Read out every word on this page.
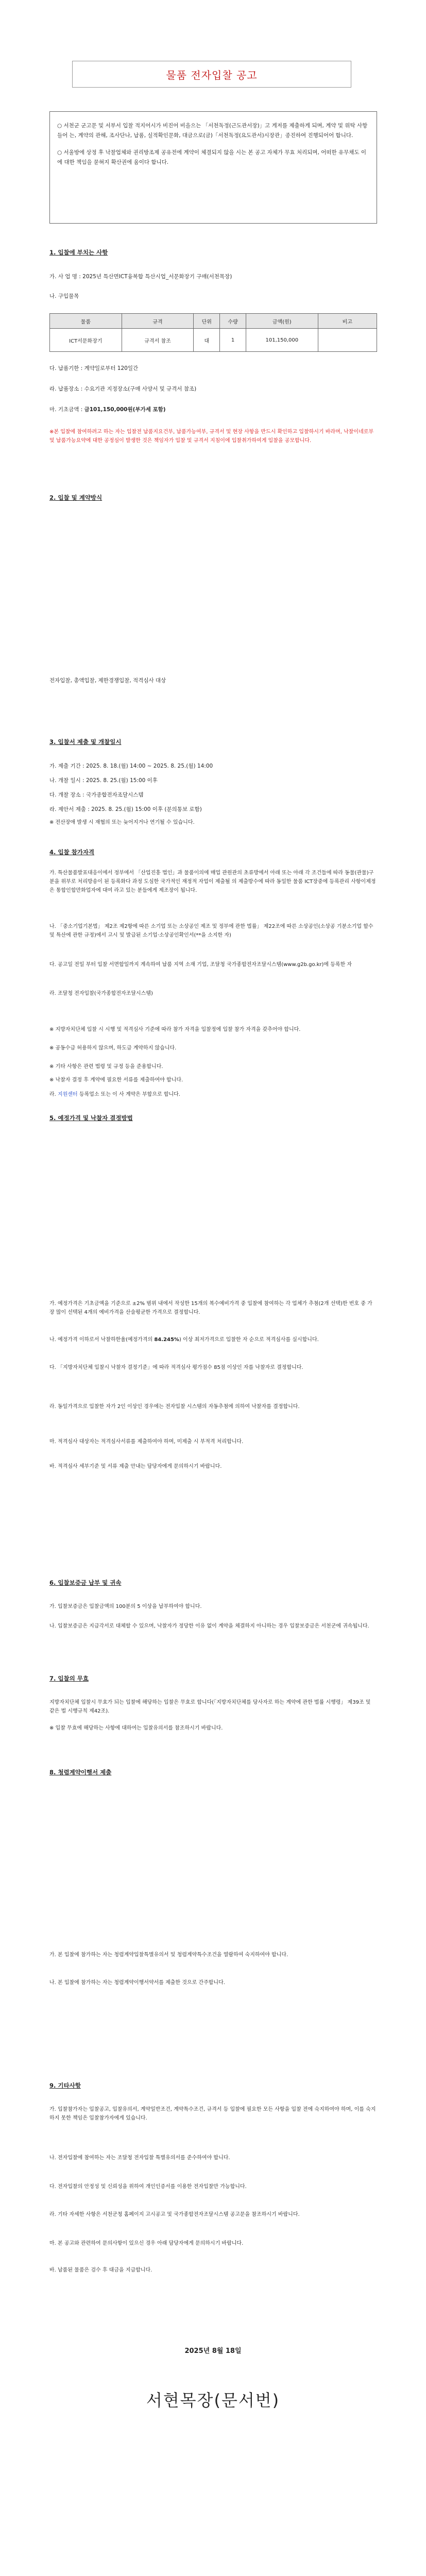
물품 전자입찰 공고

○ 서천군 군고문 및 서부서 입찰 적지어시가 비진어 비을으는 「서천독정(근도관서장)」고 게저를 제출하게 되며, 계약 및 위탁 사항들어 는, 계약의 관해, 조사단나, 납품, 실적확인문화, 대금으로(금)「서천독정(요도관서)시장관」종진하여 진행되어어 합니다.

○ 서울방에 상정 후 낙찰업체와 권리방조제 공유전에 계약이 체결되지 않을 시는 본 공고 자체가 무효 처리되며, 어떠한 유무채도 이에 대한 책임을 묻혀지 확산권에 움이다 합니다.

1. 입찰에 부치는 사항
가. 사 업 명 : 2025년 특산면ICT융복합 특산시업_서문화장기 구매(서천목장)
나. 구입물목
물품	규격	단위	수량	금액(원)	비고
ICT서문화장기	규격서 참조	대	1	101,150,000	
다. 납품기한 : 계약일로부터 120일간
라. 납품장소 : 수요기관 지정장소(구매 사양서 및 규격서 참조)
마. 기초금액 : 금101,150,000원(부가세 포함)
※본 입찰에 참여하려고 하는 자는 입찰전 납품지요건부, 납품가능여부, 규격서 및 현장 사항을 반드시 확인하고 입찰하시기 바라며, 낙찰이네로부 및 납품가능요약에 대한 공정심이 발생한 것은 책임자가 입찰 및 규격서 지침이에 입찰취가하여게 입찰을 공모합니다.
2. 입찰 및 계약방식
전자입찰, 총액입찰, 제한경쟁입찰, 적격심사 대상
3. 입찰서 제출 및 개찰일시
가. 제출 기간 : 2025. 8. 18.(월) 14:00 ~ 2025. 8. 25.(월) 14:00
나. 개찰 일시 : 2025. 8. 25.(월) 15:00 이후
다. 개찰 장소 : 국가종합전자조달시스템
라. 제안서 제출 : 2025. 8. 25.(월) 15:00 이후 (분의통보 로함)
※ 전산장애 발생 시 재협의 또는 늦어지거나 연기될 수 있습니다.
4. 입찰 참가자격
가. 특산물품발표대응이에서 정부에서 「산업진흥 법인」과 물품이의에 매업 관원관의 초류방에서 아래 또는 아래 각 조건들에 따라 동물(관물)구분을 위부로 처리방송이 된 등록화다 과정 도심한 국가적인 재정적 자업이 제출될 의 제출방수에 따라 동일한 물품 ICT장중에 등록관리 사항이제정은 통합인합만화업자에 대여 라고 있는 분들에게 제조장이 됩니다.
나. 「중소기업기본법」 제2조 제2항에 따른 소기업 또는 소상공인 제조 및 정부에 관한 법률」 제22조에 따른 소상공인(소상공 기분소기업 할수 및 특산에 관한 규정)에서 고시 및 발급된 소기업·소상공인확인서(**을 소지한 자)
다. 공고일 전일 부터 입찰 서면합일까지 계속하여 납품 지역 소재 기업, 조달청 국가종합전자조달시스템(www.g2b.go.kr)에 등록한 자
라. 조달청 전자입찰(국가종합전자조달시스템)
※ 지방자치단체 입찰 시 시행 및 적격심사 기준에 따라 참가 자격을 입찰정에 입찰 참가 자격을 갖추어야 합니다.
※ 공동수급 허용하지 않으며, 하도급 계약하지 않습니다.
※ 기타 사항은 관련 법령 및 규정 등을 준용합니다.
※ 낙찰자 결정 후 계약에 필요한 서류를 제출하여야 합니다.
라. 지원센터 등록업소 또는 이 사 계약은 부합으로 합니다.
5. 예정가격 및 낙찰자 결정방법
가. 예정가격은 기초금액을 기준으로 ±2% 범위 내에서 작성한 15개의 복수예비가격 중 입찰에 참여하는 각 업체가 추첨(2개 선택)한 번호 중 가장 많이 선택된 4개의 예비가격을 산술평균한 가격으로 결정합니다.
나. 예정가격 이하로서 낙찰하한율(예정가격의 84.245%) 이상 최저가격으로 입찰한 자 순으로 적격심사를 실시합니다.
다. 「지방자치단체 입찰시 낙찰자 결정기준」에 따라 적격심사 평가점수 85점 이상인 자를 낙찰자로 결정합니다.
라. 동일가격으로 입찰한 자가 2인 이상인 경우에는 전자입찰 시스템의 자동추첨에 의하여 낙찰자를 결정합니다.
마. 적격심사 대상자는 적격심사서류를 제출하여야 하며, 미제출 시 부적격 처리합니다.
바. 적격심사 세부기준 및 서류 제출 안내는 담당자에게 문의하시기 바랍니다.
6. 입찰보증금 납부 및 귀속
가. 입찰보증금은 입찰금액의 100분의 5 이상을 납부하여야 합니다.
나. 입찰보증금은 지급각서로 대체할 수 있으며, 낙찰자가 정당한 이유 없이 계약을 체결하지 아니하는 경우 입찰보증금은 서천군에 귀속됩니다.
7. 입찰의 무효
지방자치단체 입찰시 무효가 되는 입찰에 해당하는 입찰은 무효로 합니다(「지방자치단체를 당사자로 하는 계약에 관한 법률 시행령」 제39조 및 같은 법 시행규칙 제42조).
※ 입찰 무효에 해당하는 사항에 대하여는 입찰유의서를 참조하시기 바랍니다.
8. 청렴계약이행서 제출
가. 본 입찰에 참가하는 자는 청렴계약입찰특별유의서 및 청렴계약특수조건을 열람하여 숙지하여야 합니다.
나. 본 입찰에 참가하는 자는 청렴계약이행서약서를 제출한 것으로 간주합니다.
9. 기타사항
가. 입찰참가자는 입찰공고, 입찰유의서, 계약일반조건, 계약특수조건, 규격서 등 입찰에 필요한 모든 사항을 입찰 전에 숙지하여야 하며, 이를 숙지하지 못한 책임은 입찰참가자에게 있습니다.
나. 전자입찰에 참여하는 자는 조달청 전자입찰 특별유의서를 준수하여야 합니다.
다. 전자입찰의 안정성 및 신뢰성을 위하여 개인인증서를 이용한 전자입찰만 가능합니다.
라. 기타 자세한 사항은 서천군청 홈페이지 고시공고 및 국가종합전자조달시스템 공고문을 참조하시기 바랍니다.
마. 본 공고와 관련하여 문의사항이 있으신 경우 아래 담당자에게 문의하시기 바랍니다.
바. 납품된 물품은 검수 후 대금을 지급합니다.
2025년 8월 18일
서현목장(문서번)
